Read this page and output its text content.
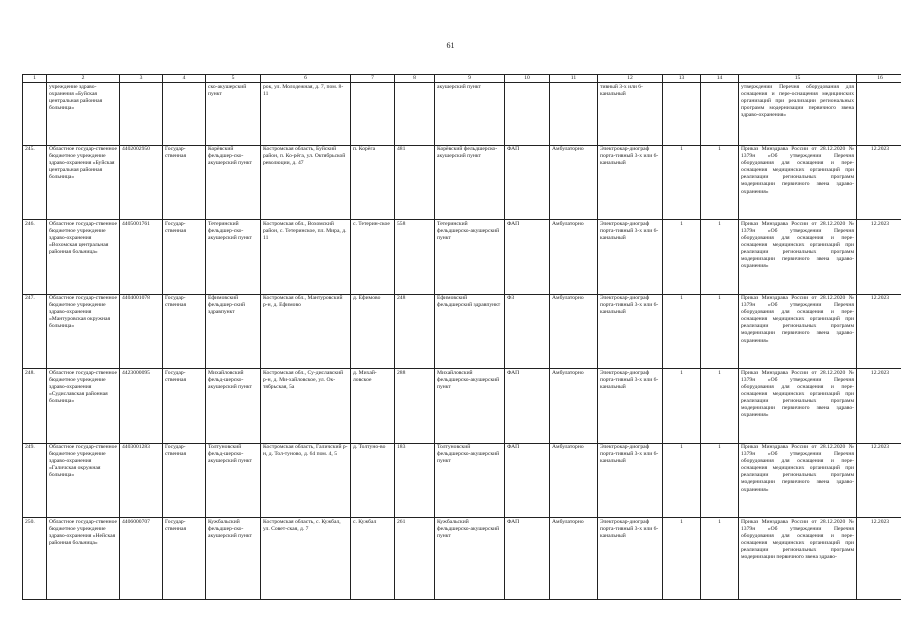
61
1	2	3	4	5	6	7	8	9	10	11	12	13	14	15	16
	учреждение здраво-охранения «Буйская центральная районная больница»			ско-акушерский пункт	рок, ул. Молодежная, д. 7, пом. 8-11			акушерский пункт			тивный 3-х или 6-канальный			утверждении Перечня оборудования для оснащения и пере-оснащения медицинских организаций при реализации региональных программ модернизации первичного звена здраво-охранения»	
245.	Областное государ-ственное бюджетное учреждение здраво-охранения «Буйская центральная районная больница»	4402002950	Государ-ственная	Корёвский фельдшер-ско-акушерский пункт	Костромская область, Буйский район, п. Ко-рёга, ул. Октябрьской революции, д. 47	п. Корёга	481	Корёвский фельдшерско-акушерский пункт	ФАП	Амбулаторно	Электрокар-диограф порта-тивный 3-х или 6-канальный	1	1	Приказ Минздрава России от 28.12.2020 № 1379н «Об утверждении Перечня оборудования для оснащения и пере-оснащения медицинских организаций при реализации региональных программ модернизации первичного звена здраво-охранения»	12.2023
246.	Областное государ-ственное бюджетное учреждение здраво-охранения «Вохомская центральная районная больница»	4405001761	Государ-ственная	Тетеринский фельдшер-ско-акушерский пункт	Костромская обл., Вохомский район, с. Тетеринское, пл. Мира, д. 11	с. Тетерин-ское	558	Тетеринский фельдшерско-акушерский пункт	ФАП	Амбулаторно	Электрокар-диограф порта-тивный 3-х или 6-канальный	1	1	Приказ Минздрава России от 28.12.2020 № 1379н «Об утверждении Перечня оборудования для оснащения и пере-оснащения медицинских организаций при реализации региональных программ модернизации первичного звена здраво-охранения»	12.2023
247.	Областное государ-ственное бюджетное учреждение здраво-охранения «Мантуровская окружная больница»	4404001078	Государ-ственная	Ефимовский фельдшер-ский здравпункт	Костромская обл., Мантуровский р-н, д. Ефимово	д. Ефимово	248	Ефимовский фельдшерский здравпункт	ФЗ	Амбулаторно	Электрокар-диограф порта-тивный 3-х или 6-канальный	1	1	Приказ Минздрава России от 28.12.2020 № 1379н «Об утверждении Перечня оборудования для оснащения и пере-оснащения медицинских организаций при реализации региональных программ модернизации первичного звена здраво-охранения»	12.2023
248.	Областное государ-ственное бюджетное учреждение здраво-охранения «Судиславская районная больница»	4423000095	Государ-ственная	Михайловский фельд-шерско-акушерский пункт	Костромская обл., Су-диславский р-н, д. Ми-хайловское, ул. Ок-тябрьская, 5а	д. Михай-ловское	288	Михайловский фельдшерско-акушерский пункт	ФАП	Амбулаторно	Электрокар-диограф порта-тивный 3-х или 6-канальный	1	1	Приказ Минздрава России от 28.12.2020 № 1379н «Об утверждении Перечня оборудования для оснащения и пере-оснащения медицинских организаций при реализации региональных программ модернизации первичного звена здраво-охранения»	12.2023
249.	Областное государ-ственное бюджетное учреждение здраво-охранения «Галичская окружная больница»	4403001283	Государ-ственная	Толтуновский фельд-шерско-акушерский пункт	Костромская область, Галичский р-н, д. Тол-туново, д. 64 пом. 4, 5	д. Толтуно-во	183	Толтуновский фельдшерско-акушерский пункт	ФАП	Амбулаторно	Электрокар-диограф порта-тивный 3-х или 6-канальный	1	1	Приказ Минздрава России от 28.12.2020 № 1379н «Об утверждении Перечня оборудования для оснащения и пере-оснащения медицинских организаций при реализации региональных программ модернизации первичного звена здраво-охранения»	12.2023
250.	Областное государ-ственное бюджетное учреждение здраво-охранения «Нейская районная больница»	4406000707	Государ-ственная	Кужбальский фельдшер-ско-акушерский пункт	Костромская область, с. Кужбал, ул. Совет-ская, д. 7	с. Кужбал	261	Кужбальский фельдшерско-акушерский пункт	ФАП	Амбулаторно	Электрокар-диограф порта-тивный 3-х или 6-канальный	1	1	Приказ Минздрава России от 28.12.2020 № 1379н «Об утверждении Перечня оборудования для оснащения и пере-оснащения медицинских организаций при реализации региональных программ модернизации первичного звена здраво-	12.2023
